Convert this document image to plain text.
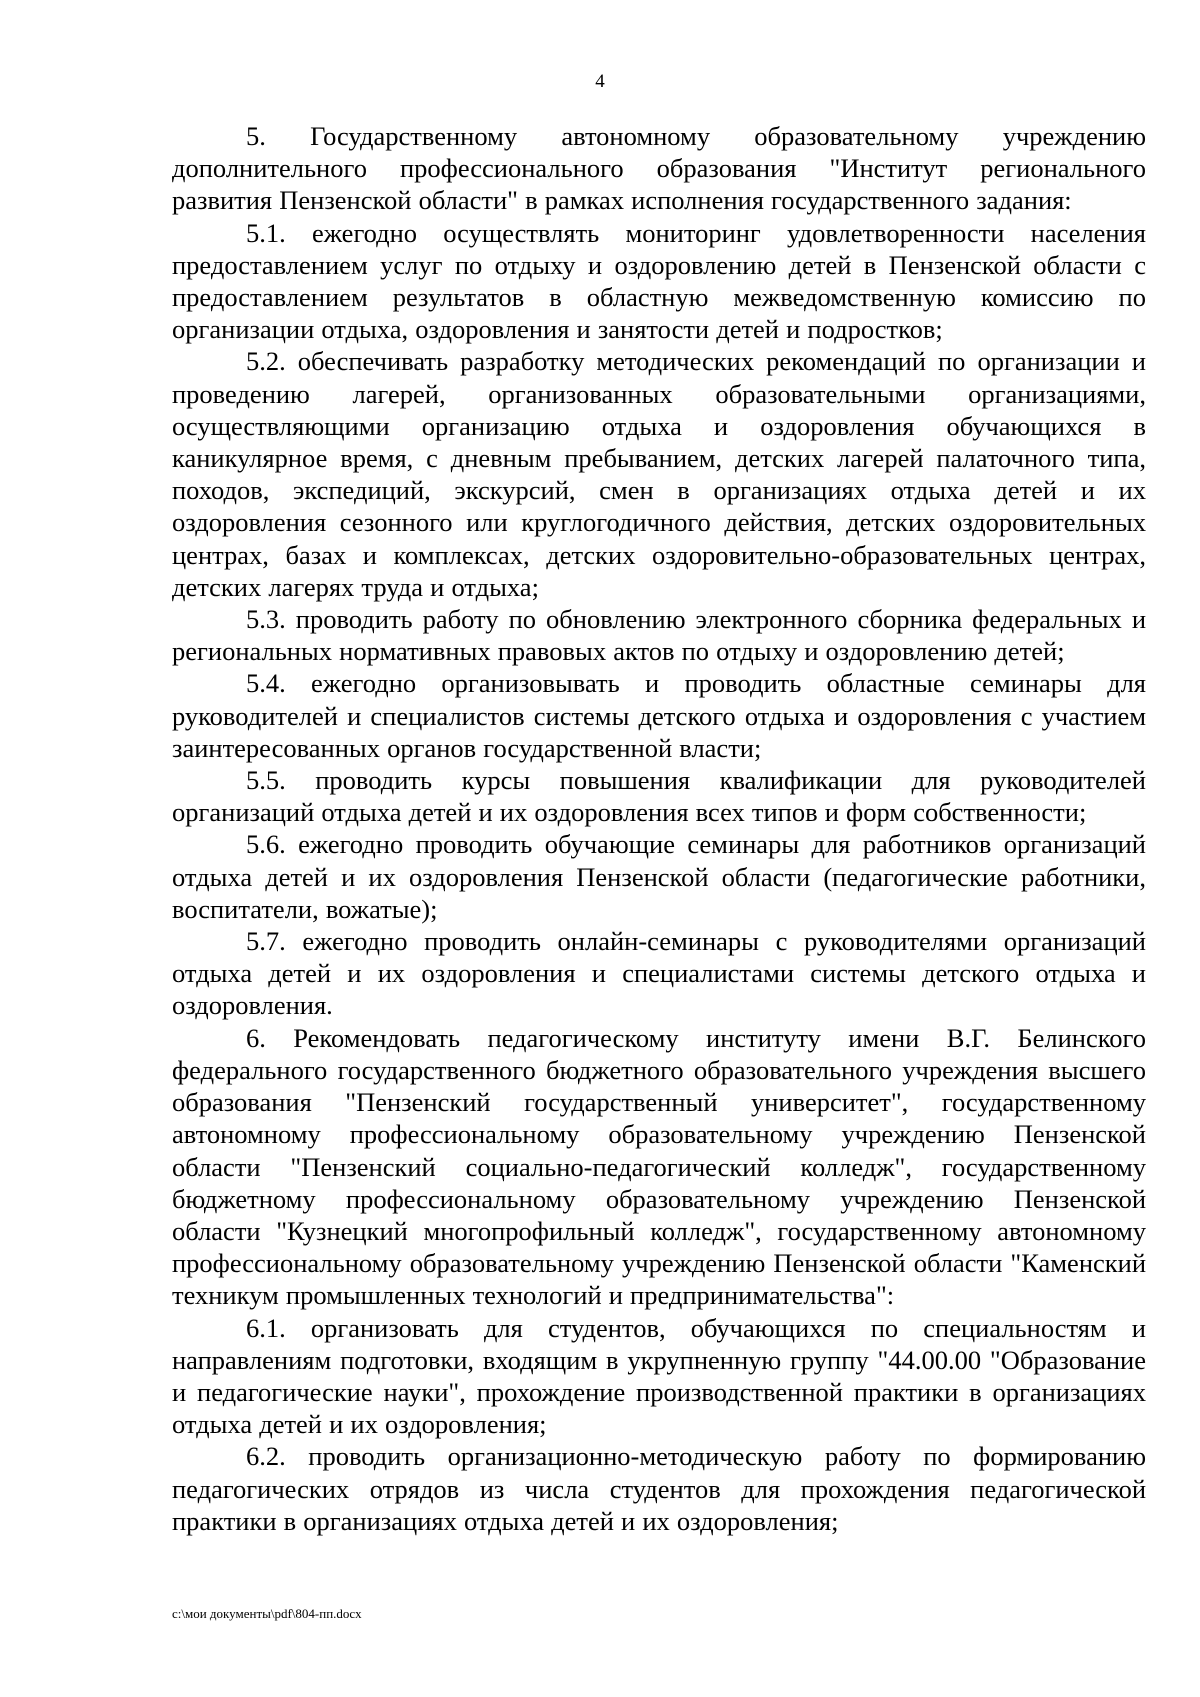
4

5. Государственному автономному образовательному учреждению дополнительного профессионального образования "Институт регионального развития Пензенской области" в рамках исполнения государственного задания:

5.1. ежегодно осуществлять мониторинг удовлетворенности населения предоставлением услуг по отдыху и оздоровлению детей в Пензенской области с предоставлением результатов в областную межведомственную комиссию по организации отдыха, оздоровления и занятости детей и подростков;

5.2. обеспечивать разработку методических рекомендаций по организации и проведению лагерей, организованных образовательными организациями, осуществляющими организацию отдыха и оздоровления обучающихся в каникулярное время, с дневным пребыванием, детских лагерей палаточного типа, походов, экспедиций, экскурсий, смен в организациях отдыха детей и их оздоровления сезонного или круглогодичного действия, детских оздоровительных центрах, базах и комплексах, детских оздоровительно-образовательных центрах, детских лагерях труда и отдыха;

5.3. проводить работу по обновлению электронного сборника федеральных и региональных нормативных правовых актов по отдыху и оздоровлению детей;

5.4. ежегодно организовывать и проводить областные семинары для руководителей и специалистов системы детского отдыха и оздоровления с участием заинтересованных органов государственной власти;

5.5. проводить курсы повышения квалификации для руководителей организаций отдыха детей и их оздоровления всех типов и форм собственности;

5.6. ежегодно проводить обучающие семинары для работников организаций отдыха детей и их оздоровления Пензенской области (педагогические работники, воспитатели, вожатые);

5.7. ежегодно проводить онлайн-семинары с руководителями организаций отдыха детей и их оздоровления и специалистами системы детского отдыха и оздоровления.

6. Рекомендовать педагогическому институту имени В.Г. Белинского федерального государственного бюджетного образовательного учреждения высшего образования "Пензенский государственный университет", государственному автономному профессиональному образовательному учреждению Пензенской области "Пензенский социально-педагогический колледж", государственному бюджетному профессиональному образовательному учреждению Пензенской области "Кузнецкий многопрофильный колледж", государственному автономному профессиональному образовательному учреждению Пензенской области "Каменский техникум промышленных технологий и предпринимательства":

6.1. организовать для студентов, обучающихся по специальностям и направлениям подготовки, входящим в укрупненную группу "44.00.00 "Образование и педагогические науки", прохождение производственной практики в организациях отдыха детей и их оздоровления;

6.2. проводить организационно-методическую работу по формированию педагогических отрядов из числа студентов для прохождения педагогической практики в организациях отдыха детей и их оздоровления;

c:\мои документы\pdf\804-пп.docx
